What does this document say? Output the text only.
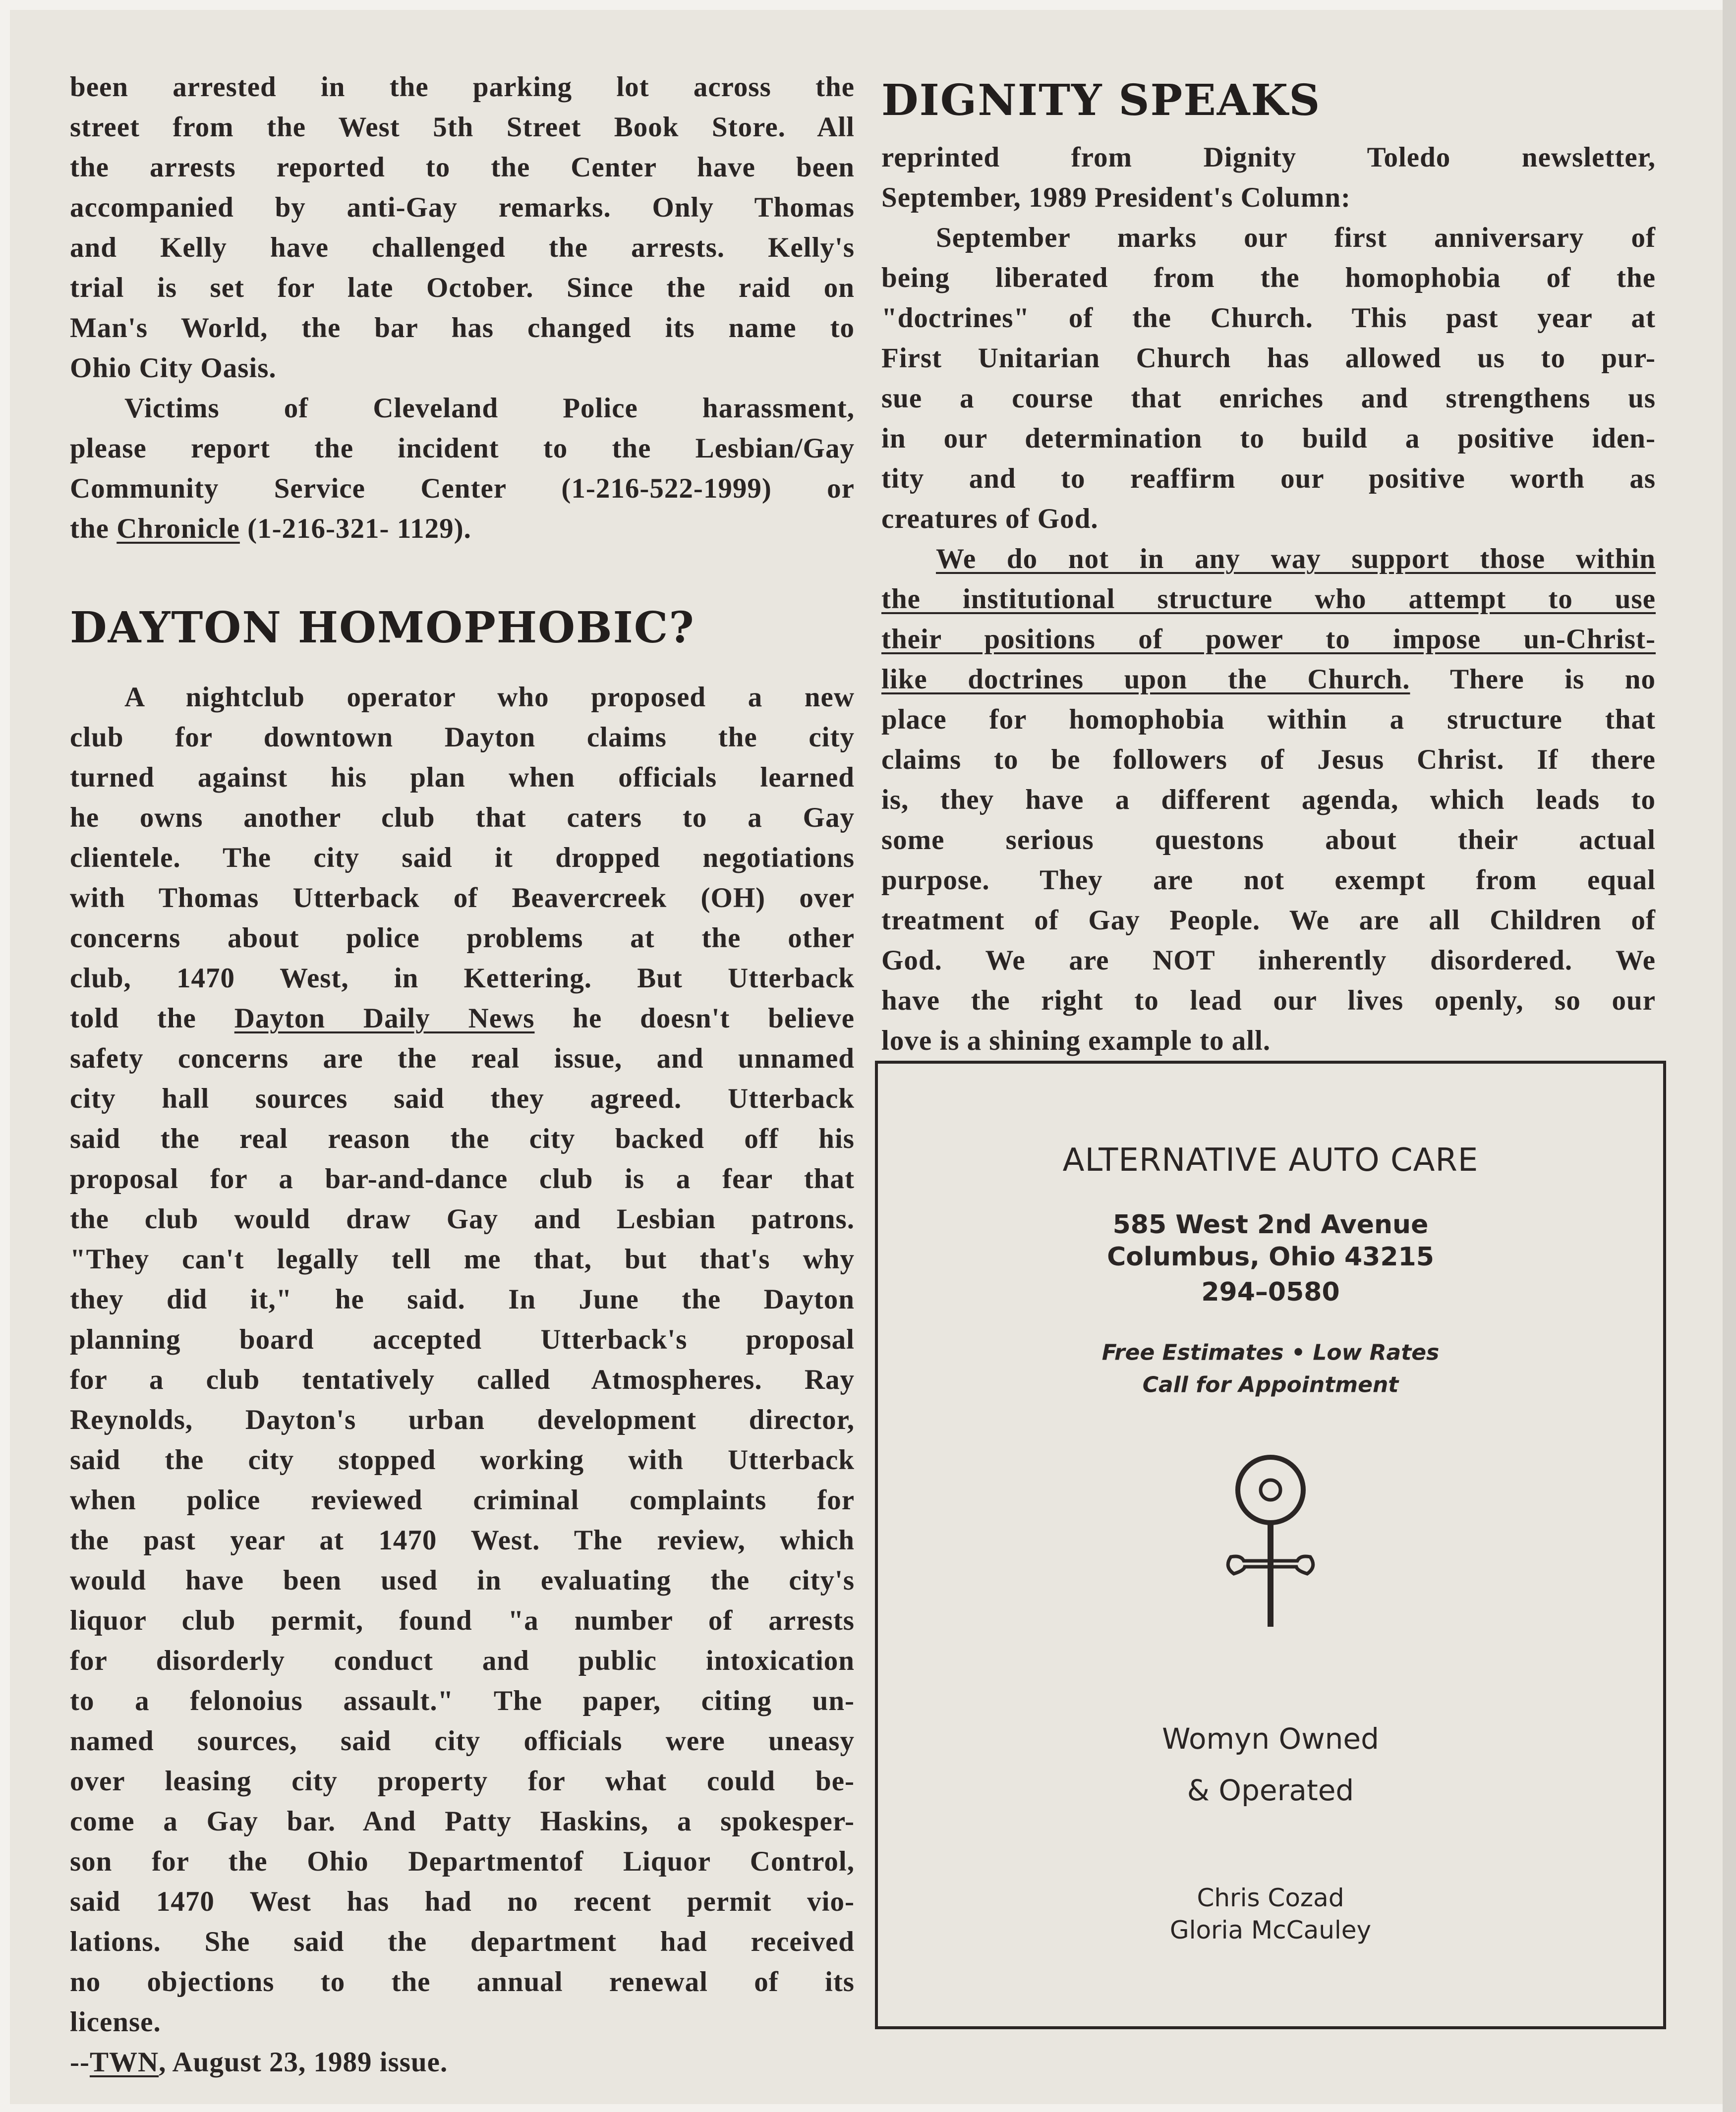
been arrested in the parking lot across the
street from the West 5th Street Book Store. All
the arrests reported to the Center have been
accompanied by anti-Gay remarks. Only Thomas
and Kelly have challenged the arrests. Kelly's
trial is set for late October. Since the raid on
Man's World, the bar has changed its name to
Ohio City Oasis.
Victims of Cleveland Police harassment,
please report the incident to the Lesbian/Gay
Community Service Center (1-216-522-1999) or
the Chronicle (1-216-321- 1129).
DAYTON HOMOPHOBIC?
A nightclub operator who proposed a new
club for downtown Dayton claims the city
turned against his plan when officials learned
he owns another club that caters to a Gay
clientele. The city said it dropped negotiations
with Thomas Utterback of Beavercreek (OH) over
concerns about police problems at the other
club, 1470 West, in Kettering. But Utterback
told the Dayton Daily News he doesn't believe
safety concerns are the real issue, and unnamed
city hall sources said they agreed. Utterback
said the real reason the city backed off his
proposal for a bar-and-dance club is a fear that
the club would draw Gay and Lesbian patrons.
"They can't legally tell me that, but that's why
they did it," he said. In June the Dayton
planning board accepted Utterback's proposal
for a club tentatively called Atmospheres. Ray
Reynolds, Dayton's urban development director,
said the city stopped working with Utterback
when police reviewed criminal complaints for
the past year at 1470 West. The review, which
would have been used in evaluating the city's
liquor club permit, found "a number of arrests
for disorderly conduct and public intoxication
to a felonoius assault." The paper, citing un-
named sources, said city officials were uneasy
over leasing city property for what could be-
come a Gay bar. And Patty Haskins, a spokesper-
son for the Ohio Departmentof Liquor Control,
said 1470 West has had no recent permit vio-
lations. She said the department had received
no objections to the annual renewal of its
license.
--TWN, August 23, 1989 issue.
DIGNITY SPEAKS
reprinted from Dignity Toledo newsletter,
September, 1989 President's Column:
September marks our first anniversary of
being liberated from the homophobia of the
"doctrines" of the Church. This past year at
First Unitarian Church has allowed us to pur-
sue a course that enriches and strengthens us
in our determination to build a positive iden-
tity and to reaffirm our positive worth as
creatures of God.
We do not in any way support those within
the institutional structure who attempt to use
their positions of power to impose un-Christ-
like doctrines upon the Church. There is no
place for homophobia within a structure that
claims to be followers of Jesus Christ. If there
is, they have a different agenda, which leads to
some serious questons about their actual
purpose. They are not exempt from equal
treatment of Gay People. We are all Children of
God. We are NOT inherently disordered. We
have the right to lead our lives openly, so our
love is a shining example to all.
ALTERNATIVE AUTO CARE
585 West 2nd Avenue
Columbus, Ohio 43215
294–0580
Free Estimates • Low Rates
Call for Appointment
Womyn Owned
& Operated
Chris Cozad
Gloria McCauley
